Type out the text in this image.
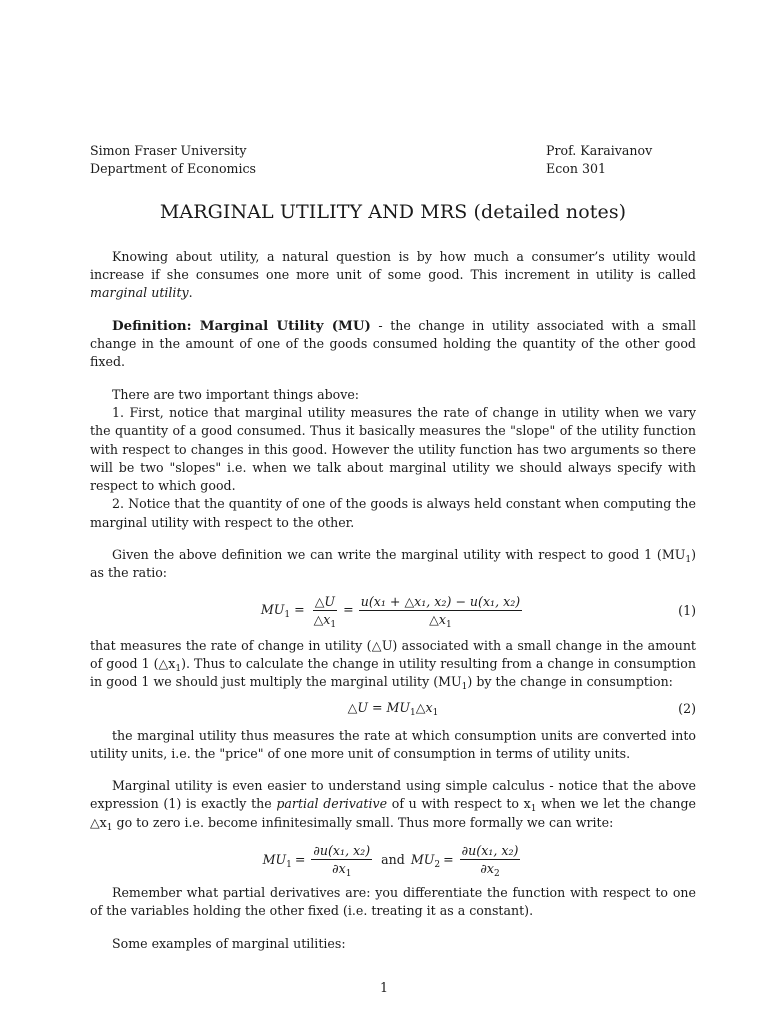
Simon Fraser University
Department of Economics
Prof. Karaivanov
Econ 301
MARGINAL UTILITY AND MRS (detailed notes)

Knowing about utility, a natural question is by how much a consumer’s utility would increase if she consumes one more unit of some good. This increment in utility is called marginal utility.

Definition: Marginal Utility (MU) - the change in utility associated with a small change in the amount of one of the goods consumed holding the quantity of the other good fixed.

There are two important things above:

1. First, notice that marginal utility measures the rate of change in utility when we vary the quantity of a good consumed. Thus it basically measures the "slope" of the utility function with respect to changes in this good. However the utility function has two arguments so there will be two "slopes" i.e. when we talk about marginal utility we should always specify with respect to which good.

2. Notice that the quantity of one of the goods is always held constant when computing the marginal utility with respect to the other.

Given the above definition we can write the marginal utility with respect to good 1 $(MU_1)$ as the ratio:

$MU_1 = \frac{\triangle U}{\triangle x_1} = \frac{\text{u(x₁ + △x₁, x₂) − u(x₁, x₂)}}{\triangle x_1}$	(1)

that measures the rate of change in utility (△U) associated with a small change in the amount of good 1 $(\triangle x_1)$. Thus to calculate the change in utility resulting from a change in consumption in good 1 we should just multiply the marginal utility $(MU_1)$ by the change in consumption:

△U = $MU_1\triangle x_1$	(2)

the marginal utility thus measures the rate at which consumption units are converted into utility units, i.e. the "price" of one more unit of consumption in terms of utility units.

Marginal utility is even easier to understand using simple calculus - notice that the above expression (1) is exactly the partial derivative of u with respect to $x_1$ when we let the change $\triangle x_1$ go to zero i.e. become infinitesimally small. Thus more formally we can write:

$MU_1 = \frac{\text{∂u(x₁, x₂)}}{\partial x_1}$ and $MU_2 = \frac{\text{∂u(x₁, x₂)}}{\partial x_2}$

Remember what partial derivatives are: you differentiate the function with respect to one of the variables holding the other fixed (i.e. treating it as a constant).

Some examples of marginal utilities:

1
